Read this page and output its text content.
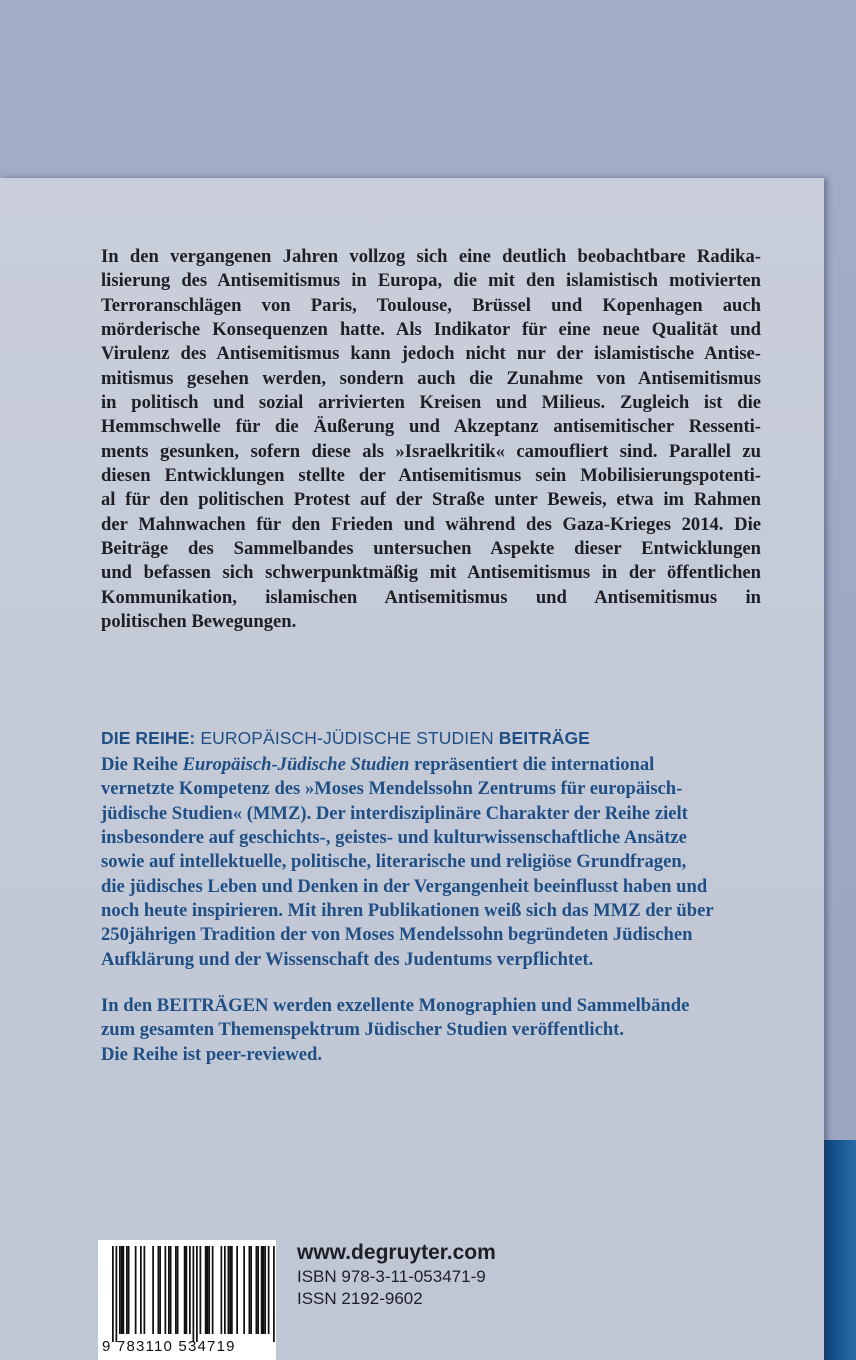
In den vergangenen Jahren vollzog sich eine deutlich beobachtbare Radika-
lisierung des Antisemitismus in Europa, die mit den islamistisch motivierten
Terroranschlägen von Paris, Toulouse, Brüssel und Kopenhagen auch
mörderische Konsequenzen hatte. Als Indikator für eine neue Qualität und
Virulenz des Antisemitismus kann jedoch nicht nur der islamistische Antise-
mitismus gesehen werden, sondern auch die Zunahme von Antisemitismus
in politisch und sozial arrivierten Kreisen und Milieus. Zugleich ist die
Hemmschwelle für die Äußerung und Akzeptanz antisemitischer Ressenti-
ments gesunken, sofern diese als »Israelkritik« camoufliert sind. Parallel zu
diesen Entwicklungen stellte der Antisemitismus sein Mobilisierungspotenti-
al für den politischen Protest auf der Straße unter Beweis, etwa im Rahmen
der Mahnwachen für den Frieden und während des Gaza-Krieges 2014. Die
Beiträge des Sammelbandes untersuchen Aspekte dieser Entwicklungen
und befassen sich schwerpunktmäßig mit Antisemitismus in der öffentlichen
Kommunikation, islamischen Antisemitismus und Antisemitismus in
politischen Bewegungen.
DIE REIHE: EUROPÄISCH-JÜDISCHE STUDIEN BEITRÄGE
Die Reihe Europäisch-Jüdische Studien repräsentiert die international
vernetzte Kompetenz des »Moses Mendelssohn Zentrums für europäisch-
jüdische Studien« (MMZ). Der interdisziplinäre Charakter der Reihe zielt
insbesondere auf geschichts-, geistes- und kulturwissenschaftliche Ansätze
sowie auf intellektuelle, politische, literarische und religiöse Grundfragen,
die jüdisches Leben und Denken in der Vergangenheit beeinflusst haben und
noch heute inspirieren. Mit ihren Publikationen weiß sich das MMZ der über
250jährigen Tradition der von Moses Mendelssohn begründeten Jüdischen
Aufklärung und der Wissenschaft des Judentums verpflichtet.
In den BEITRÄGEN werden exzellente Monographien und Sammelbände
zum gesamten Themenspektrum Jüdischer Studien veröffentlicht.
Die Reihe ist peer-reviewed.
9 783110 534719
www.degruyter.com
ISBN 978-3-11-053471-9
ISSN 2192-9602
